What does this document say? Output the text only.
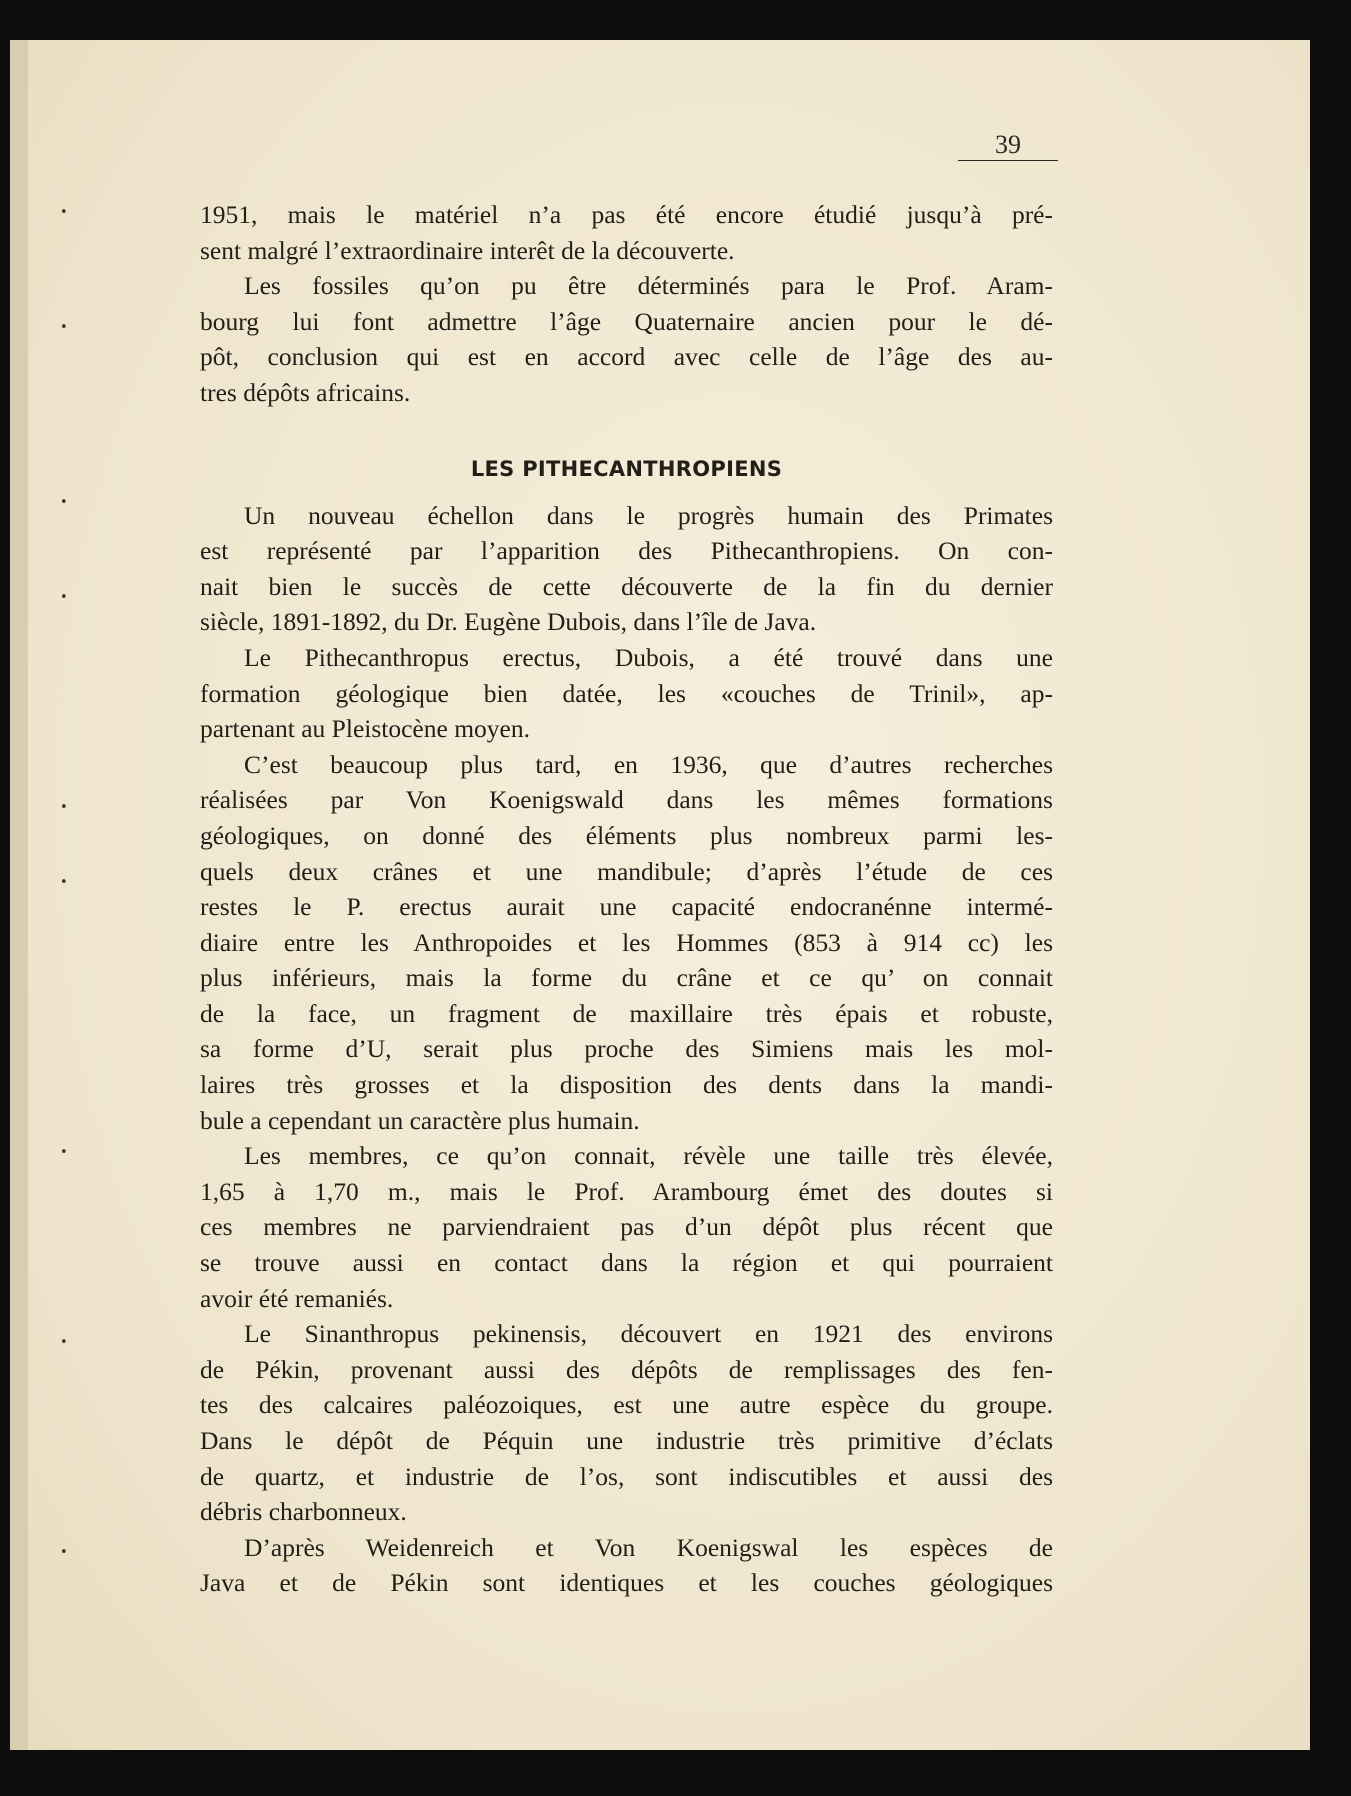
•
•
•
•
•
•
•
•
•
39
1951, mais le matériel n’a pas été encore étudié jusqu’à pré-
sent malgré l’extraordinaire interêt de la découverte.
Les fossiles qu’on pu être déterminés para le Prof. Aram-
bourg lui font admettre l’âge Quaternaire ancien pour le dé-
pôt, conclusion qui est en accord avec celle de l’âge des au-
tres dépôts africains.
LES PITHECANTHROPIENS
Un nouveau échellon dans le progrès humain des Primates
est représenté par l’apparition des Pithecanthropiens. On con-
nait bien le succès de cette découverte de la fin du dernier
siècle, 1891-1892, du Dr. Eugène Dubois, dans l’île de Java.
Le Pithecanthropus erectus, Dubois, a été trouvé dans une
formation géologique bien datée, les «couches de Trinil», ap-
partenant au Pleistocène moyen.
C’est beaucoup plus tard, en 1936, que d’autres recherches
réalisées par Von Koenigswald dans les mêmes formations
géologiques, on donné des éléments plus nombreux parmi les-
quels deux crânes et une mandibule; d’après l’étude de ces
restes le P. erectus aurait une capacité endocranénne intermé-
diaire entre les Anthropoides et les Hommes (853 à 914 cc) les
plus inférieurs, mais la forme du crâne et ce qu’ on connait
de la face, un fragment de maxillaire très épais et robuste,
sa forme d’U, serait plus proche des Simiens mais les mol-
laires très grosses et la disposition des dents dans la mandi-
bule a cependant un caractère plus humain.
Les membres, ce qu’on connait, révèle une taille très élevée,
1,65 à 1,70 m., mais le Prof. Arambourg émet des doutes si
ces membres ne parviendraient pas d’un dépôt plus récent que
se trouve aussi en contact dans la région et qui pourraient
avoir été remaniés.
Le Sinanthropus pekinensis, découvert en 1921 des environs
de Pékin, provenant aussi des dépôts de remplissages des fen-
tes des calcaires paléozoiques, est une autre espèce du groupe.
Dans le dépôt de Péquin une industrie très primitive d’éclats
de quartz, et industrie de l’os, sont indiscutibles et aussi des
débris charbonneux.
D’après Weidenreich et Von Koenigswal les espèces de
Java et de Pékin sont identiques et les couches géologiques
